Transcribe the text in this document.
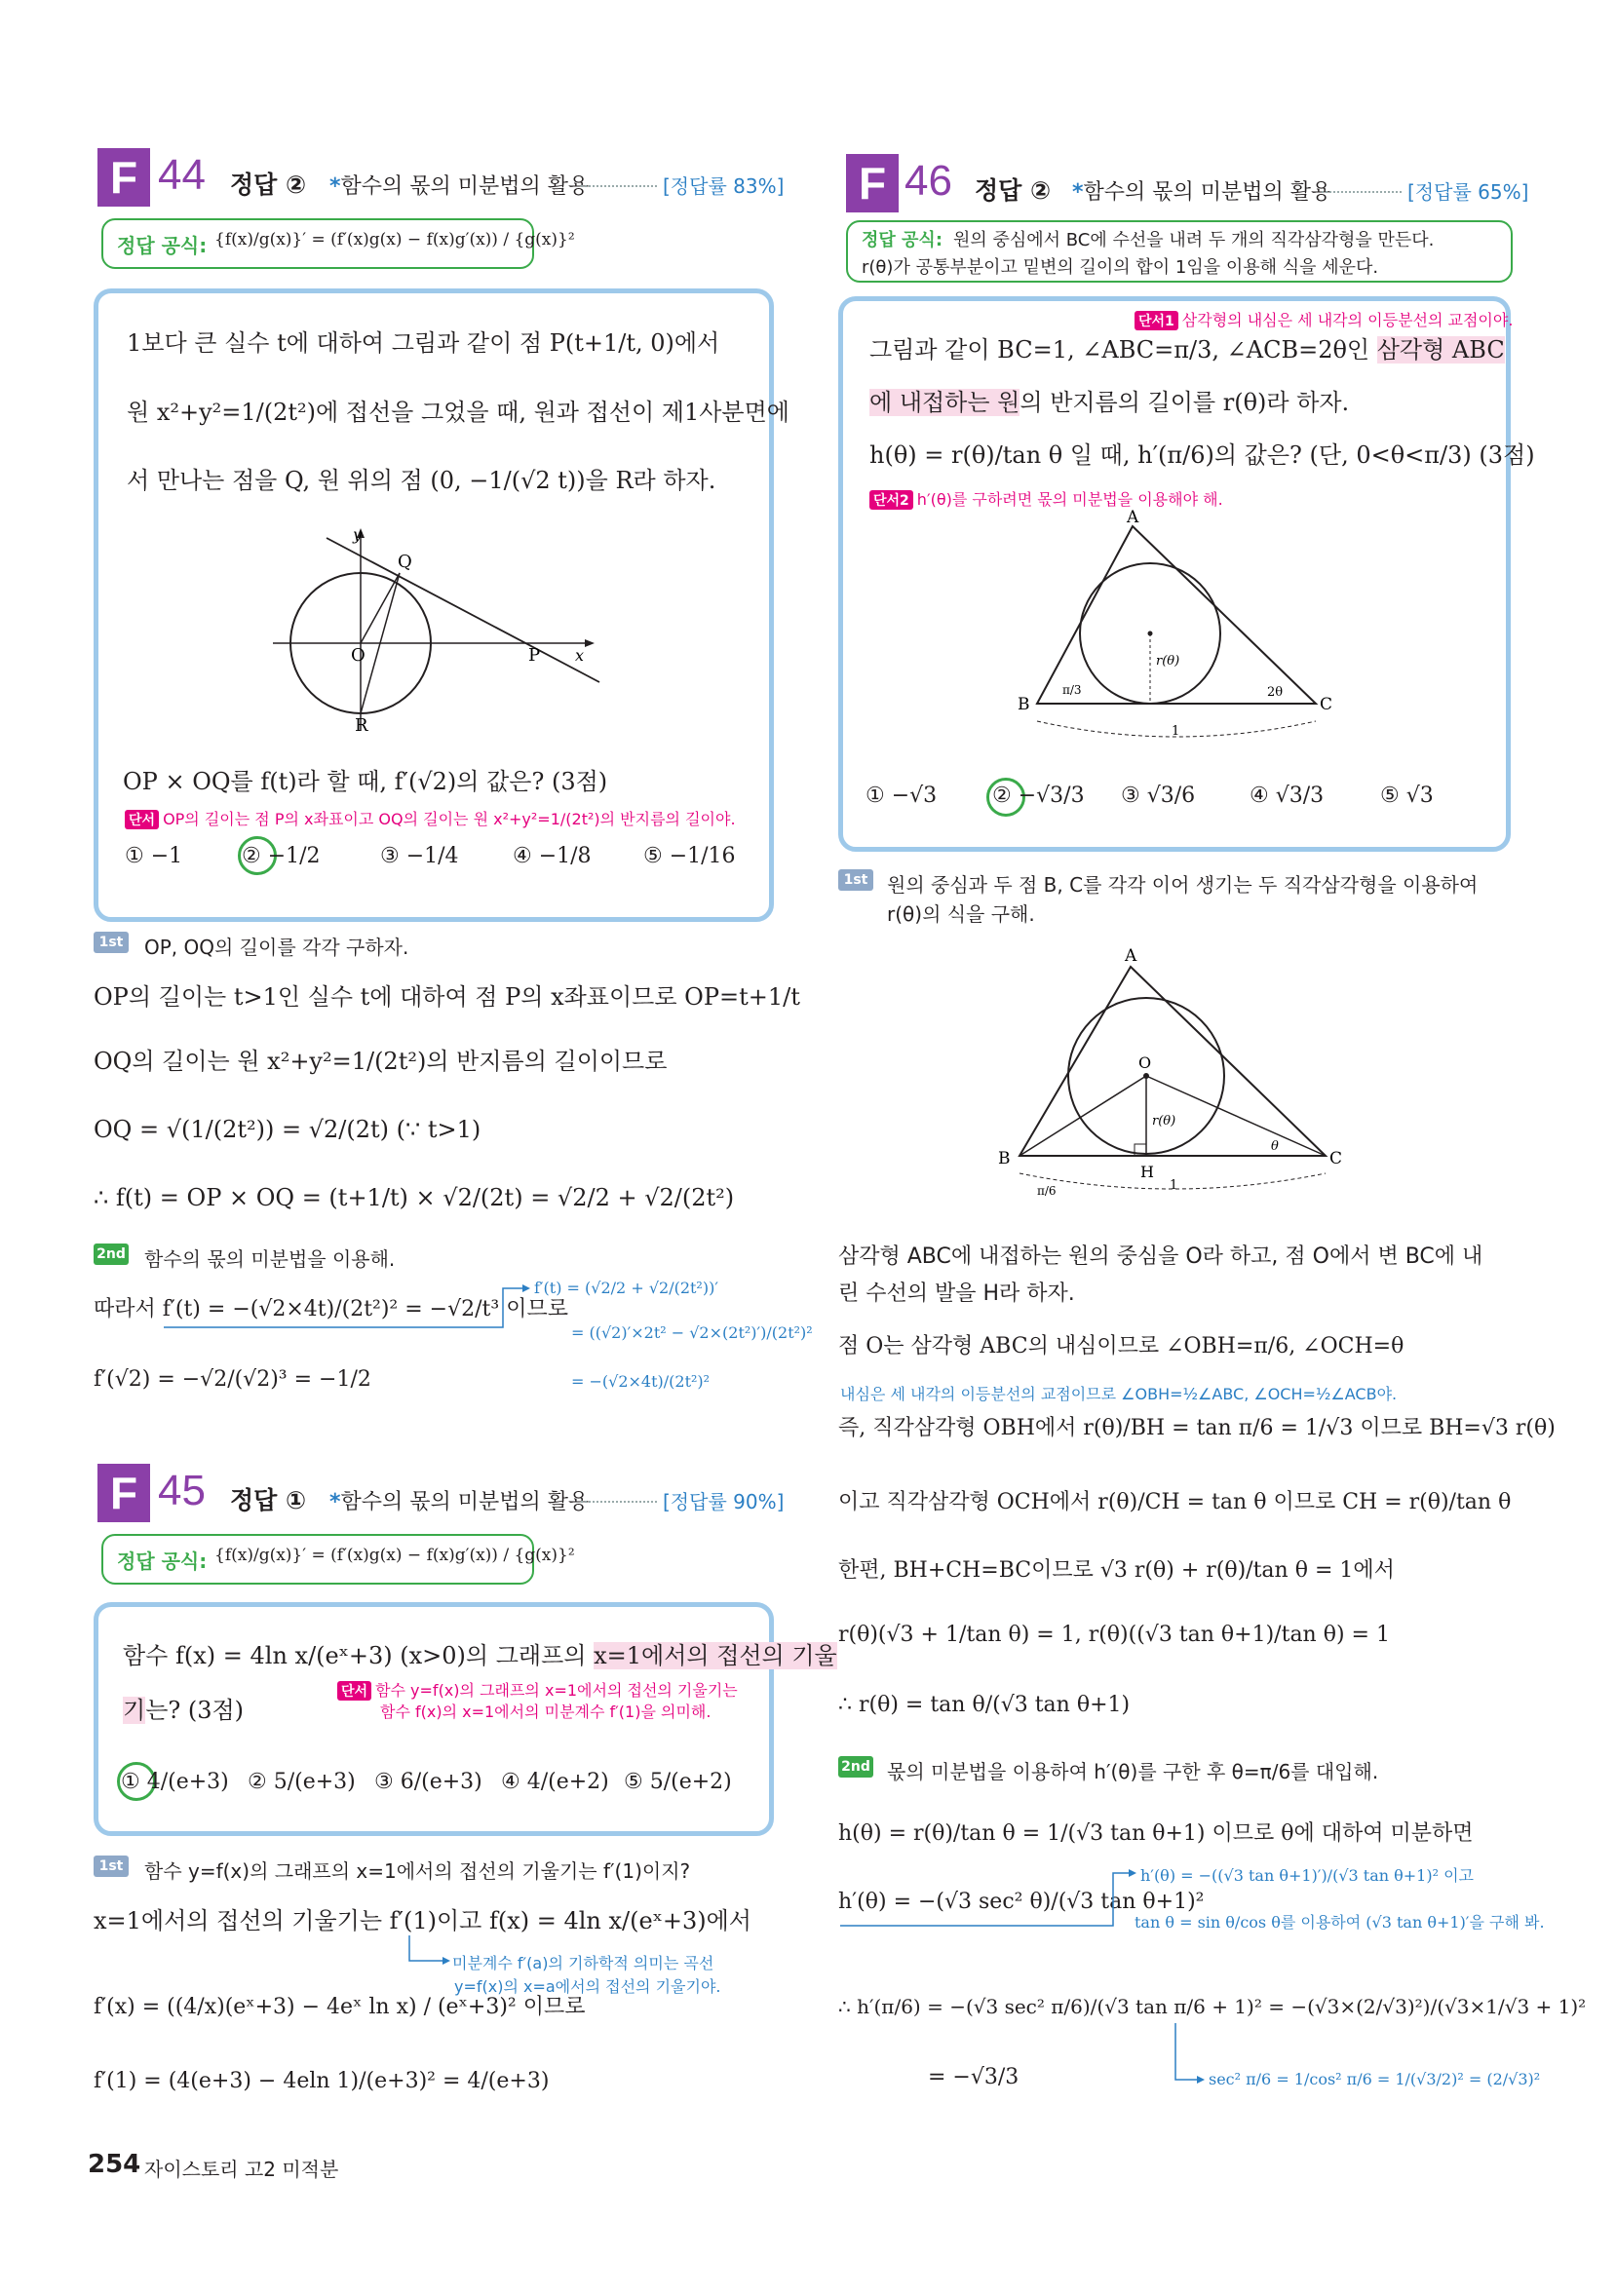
F 44 정답 ② *함수의 몫의 미분법의 활용	[정답률 83%]
정답 공식: {f(x)/g(x)}′ = (f′(x)g(x) − f(x)g′(x)) / {g(x)}²
1보다 큰 실수 t에 대하여 그림과 같이 점 P(t+1/t, 0)에서
원 x²+y²=1/(2t²)에 접선을 그었을 때, 원과 접선이 제1사분면에
서 만나는 점을 Q, 원 위의 점 (0, −1/(√2 t))을 R라 하자.
y
Q
O	P x
R
OP × OQ를 f(t)라 할 때, f′(√2)의 값은? (3점)
단서 OP의 길이는 점 P의 x좌표이고 OQ의 길이는 원 x²+y²=1/(2t²)의 반지름의 길이야.
① −1	② −1/2	③ −1/4	④ −1/8 ⑤ −1/16
1st OP, OQ의 길이를 각각 구하자.
OP의 길이는 t>1인 실수 t에 대하여 점 P의 x좌표이므로 OP=t+1/t
OQ의 길이는 원 x²+y²=1/(2t²)의 반지름의 길이이므로
OQ = √(1/(2t²)) = √2/(2t) (∵ t>1)
∴ f(t) = OP × OQ = (t+1/t) × √2/(2t) = √2/2 + √2/(2t²)
2nd 함수의 몫의 미분법을 이용해.
따라서 f′(t) = −(√2×4t)/(2t²)² = −√2/t³ 이므로
f′(√2) = −√2/(√2)³ = −1/2
f′(t) = (√2/2 + √2/(2t²))′
= ((√2)′×2t² − √2×(2t²)′)/(2t²)²
= −(√2×4t)/(2t²)²
F 45 정답 ① *함수의 몫의 미분법의 활용	[정답률 90%]
정답 공식: {f(x)/g(x)}′ = (f′(x)g(x) − f(x)g′(x)) / {g(x)}²
함수 f(x) = 4ln x/(eˣ+3) (x>0)의 그래프의 x=1에서의 접선의 기울
기는? (3점)
단서 함수 y=f(x)의 그래프의 x=1에서의 접선의 기울기는
함수 f(x)의 x=1에서의 미분계수 f′(1)을 의미해.
① 4/(e+3) ② 5/(e+3) ③ 6/(e+3) ④ 4/(e+2) ⑤ 5/(e+2)
1st 함수 y=f(x)의 그래프의 x=1에서의 접선의 기울기는 f′(1)이지?
x=1에서의 접선의 기울기는 f′(1)이고 f(x) = 4ln x/(eˣ+3)에서
미분계수 f′(a)의 기하학적 의미는 곡선
y=f(x)의 x=a에서의 접선의 기울기야.
f′(x) = ((4/x)(eˣ+3) − 4eˣ ln x) / (eˣ+3)² 이므로
f′(1) = (4(e+3) − 4eln 1)/(e+3)² = 4/(e+3)
F 46 정답 ② *함수의 몫의 미분법의 활용	[정답률 65%]
정답 공식: 원의 중심에서 BC에 수선을 내려 두 개의 직각삼각형을 만든다.
r(θ)가 공통부분이고 밑변의 길이의 합이 1임을 이용해 식을 세운다.
단서1 삼각형의 내심은 세 내각의 이등분선의 교점이야.
그림과 같이 BC=1, ∠ABC=π/3, ∠ACB=2θ인 삼각형 ABC
에 내접하는 원의 반지름의 길이를 r(θ)라 하자.
h(θ) = r(θ)/tan θ 일 때, h′(π/6)의 값은? (단, 0<θ<π/3) (3점)
단서2 h′(θ)를 구하려면 몫의 미분법을 이용해야 해.
A
B	C
r(θ)
π/3	2θ
1
① −√3	② −√3/3 ③ √3/6	④ √3/3	⑤ √3
1st 원의 중심과 두 점 B, C를 각각 이어 생기는 두 직각삼각형을 이용하여
r(θ)의 식을 구해.
A
B	C
O
H
r(θ)
θ
π/6	1
삼각형 ABC에 내접하는 원의 중심을 O라 하고, 점 O에서 변 BC에 내
린 수선의 발을 H라 하자.
점 O는 삼각형 ABC의 내심이므로 ∠OBH=π/6, ∠OCH=θ
내심은 세 내각의 이등분선의 교점이므로 ∠OBH=½∠ABC, ∠OCH=½∠ACB야.
즉, 직각삼각형 OBH에서 r(θ)/BH = tan π/6 = 1/√3 이므로 BH=√3 r(θ)
이고 직각삼각형 OCH에서 r(θ)/CH = tan θ 이므로 CH = r(θ)/tan θ
한편, BH+CH=BC이므로 √3 r(θ) + r(θ)/tan θ = 1에서
r(θ)(√3 + 1/tan θ) = 1, r(θ)((√3 tan θ+1)/tan θ) = 1
∴ r(θ) = tan θ/(√3 tan θ+1)
2nd 몫의 미분법을 이용하여 h′(θ)를 구한 후 θ=π/6를 대입해.
h(θ) = r(θ)/tan θ = 1/(√3 tan θ+1) 이므로 θ에 대하여 미분하면
h′(θ) = −(√3 sec² θ)/(√3 tan θ+1)²
h′(θ) = −((√3 tan θ+1)′)/(√3 tan θ+1)² 이고
tan θ = sin θ/cos θ를 이용하여 (√3 tan θ+1)′을 구해 봐.
∴ h′(π/6) = −(√3 sec² π/6)/(√3 tan π/6 + 1)² = −(√3×(2/√3)²)/(√3×1/√3 + 1)²
= −√3/3	sec² π/6 = 1/cos² π/6 = 1/(√3/2)² = (2/√3)²
254 자이스토리 고2 미적분
